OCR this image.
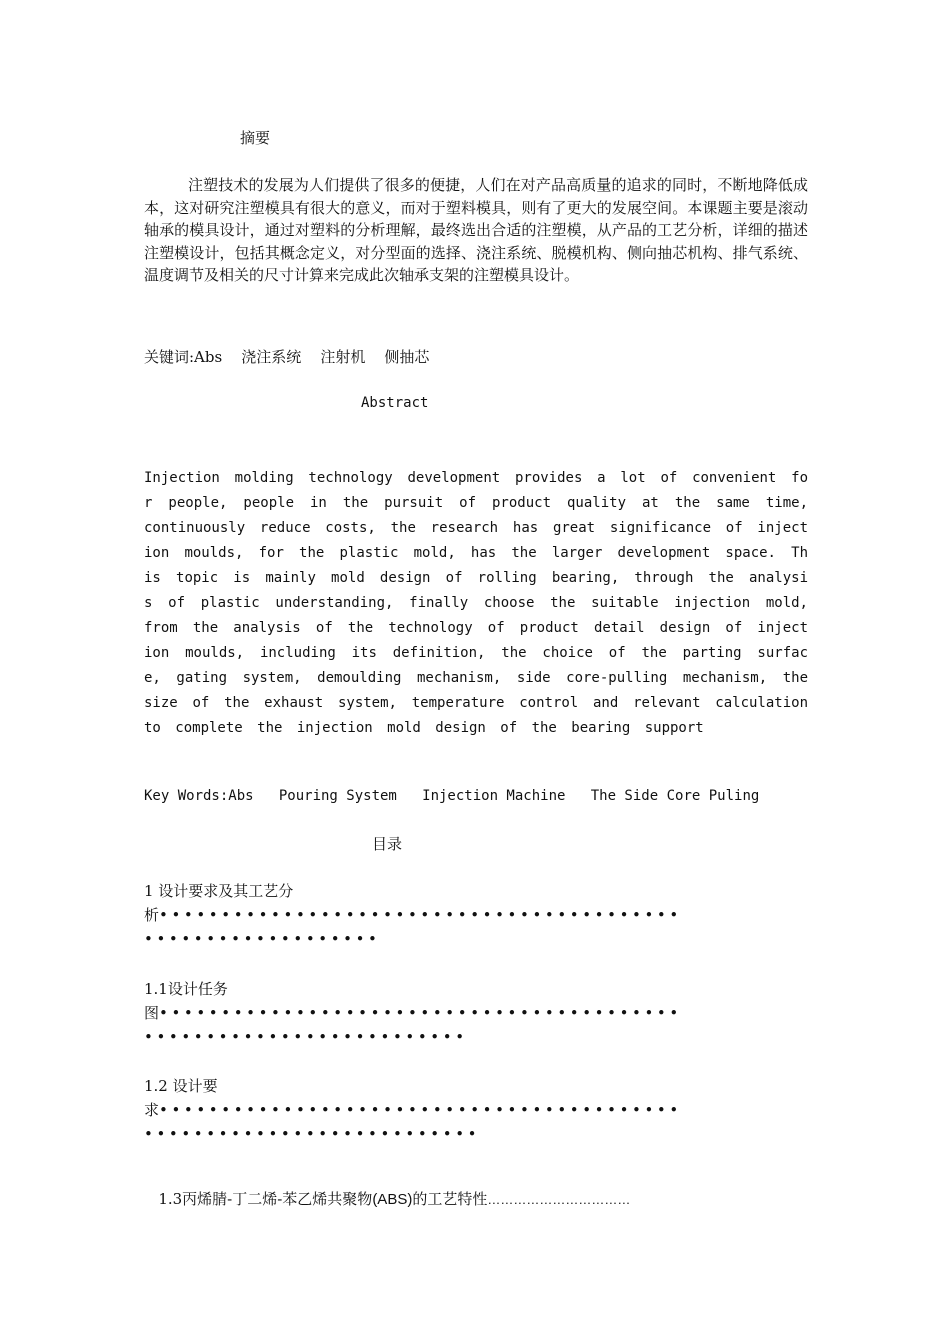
摘要
注塑技术的发展为人们提供了很多的便捷，人们在对产品高质量的追求的同时，不断地降低成本，这对研究注塑模具有很大的意义，而对于塑料模具，则有了更大的发展空间。本课题主要是滚动轴承的模具设计，通过对塑料的分析理解，最终选出合适的注塑模，从产品的工艺分析，详细的描述注塑模设计，包括其概念定义，对分型面的选择、浇注系统、脱模机构、侧向抽芯机构、排气系统、温度调节及相关的尺寸计算来完成此次轴承支架的注塑模具设计。
关键词:Abs    浇注系统    注射机    侧抽芯
Abstract
Injection molding technology development provides a lot of convenient for people, people in the pursuit of product quality at the same time, continuously reduce costs, the research has great significance of injection moulds, for the plastic mold, has the larger development space. This topic is mainly mold design of rolling bearing, through the analysis of plastic understanding, finally choose the suitable injection mold, from the analysis of the technology of product detail design of injection moulds, including its definition, the choice of the parting surface, gating system, demoulding mechanism, side core-pulling mechanism, the size of the exhaust system, temperature control and relevant calculation to complete the injection mold design of the bearing support
Key Words:Abs   Pouring System   Injection Machine   The Side Core Puling
目录
1 设计要求及其工艺分
析••••••••••••••••••••••••••••••••••••••••••
•••••••••••••••••••
1.1设计任务
图••••••••••••••••••••••••••••••••••••••••••
••••••••••••••••••••••••••
1.2 设计要
求••••••••••••••••••••••••••••••••••••••••••
•••••••••••••••••••••••••••

1.3丙烯腈-丁二烯-苯乙烯共聚物(ABS)的工艺特性……………………………
